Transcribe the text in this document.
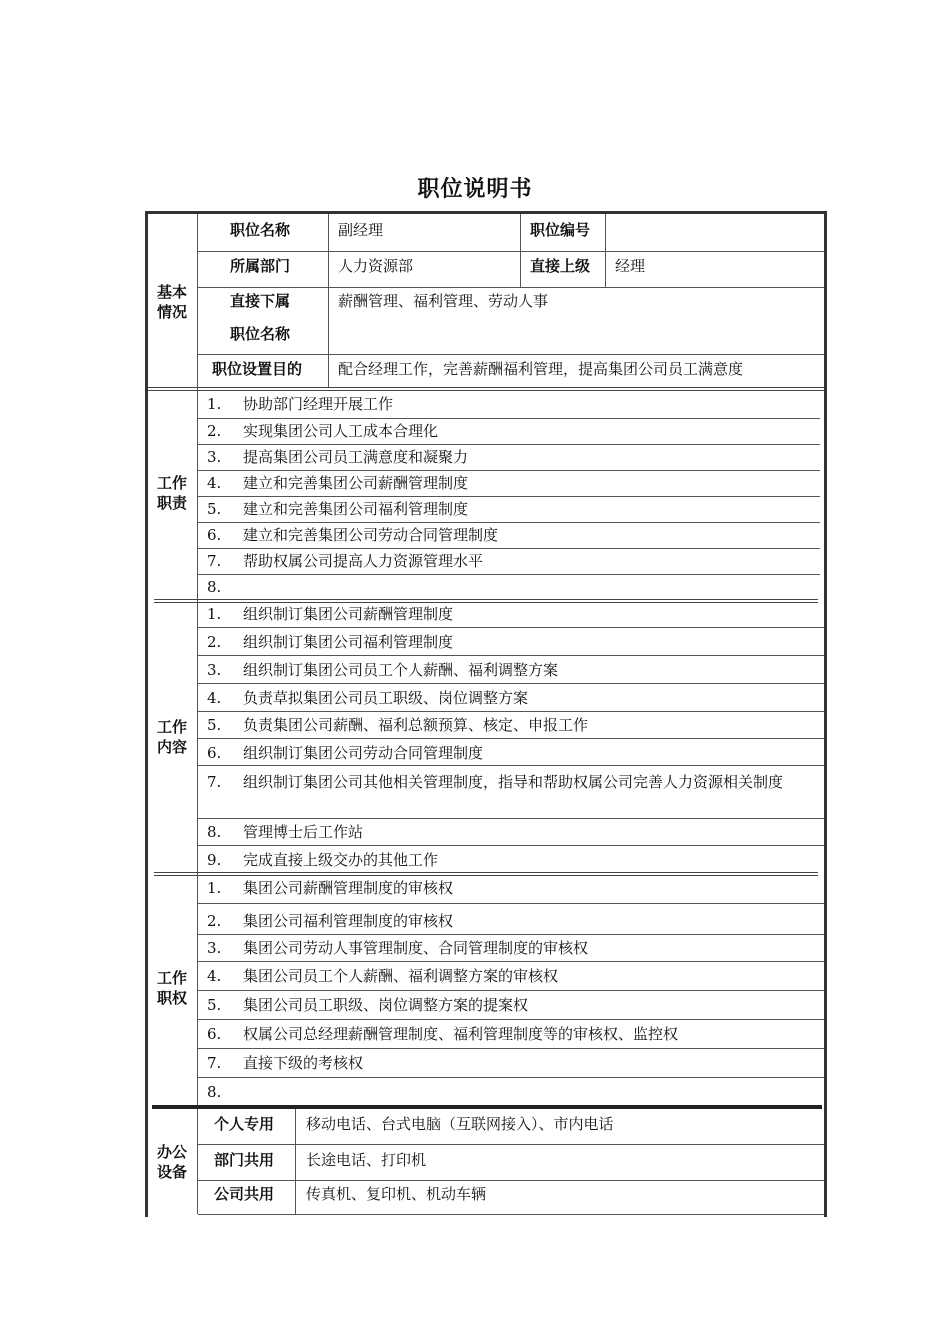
职位说明书
基本
情况
职位名称	副经理	职位编号
所属部门	人力资源部	直接上级 经理
直接下属
职位名称
薪酬管理、福利管理、劳动人事
职位设置目的 配合经理工作，完善薪酬福利管理，提高集团公司员工满意度
工作
职责
1. 协助部门经理开展工作
2. 实现集团公司人工成本合理化
3. 提高集团公司员工满意度和凝聚力
4. 建立和完善集团公司薪酬管理制度
5. 建立和完善集团公司福利管理制度
6. 建立和完善集团公司劳动合同管理制度
7. 帮助权属公司提高人力资源管理水平
8.
工作
内容
1. 组织制订集团公司薪酬管理制度
2. 组织制订集团公司福利管理制度
3. 组织制订集团公司员工个人薪酬、福利调整方案
4. 负责草拟集团公司员工职级、岗位调整方案
5. 负责集团公司薪酬、福利总额预算、核定、申报工作
6. 组织制订集团公司劳动合同管理制度
7. 组织制订集团公司其他相关管理制度，指导和帮助权属公司完善人力资源相关制度
8. 管理博士后工作站
9. 完成直接上级交办的其他工作
工作
职权
1. 集团公司薪酬管理制度的审核权
2. 集团公司福利管理制度的审核权
3. 集团公司劳动人事管理制度、合同管理制度的审核权
4. 集团公司员工个人薪酬、福利调整方案的审核权
5. 集团公司员工职级、岗位调整方案的提案权
6. 权属公司总经理薪酬管理制度、福利管理制度等的审核权、监控权
7. 直接下级的考核权
8.
办公
设备
个人专用 移动电话、台式电脑（互联网接入）、市内电话
部门共用 长途电话、打印机
公司共用 传真机、复印机、机动车辆
